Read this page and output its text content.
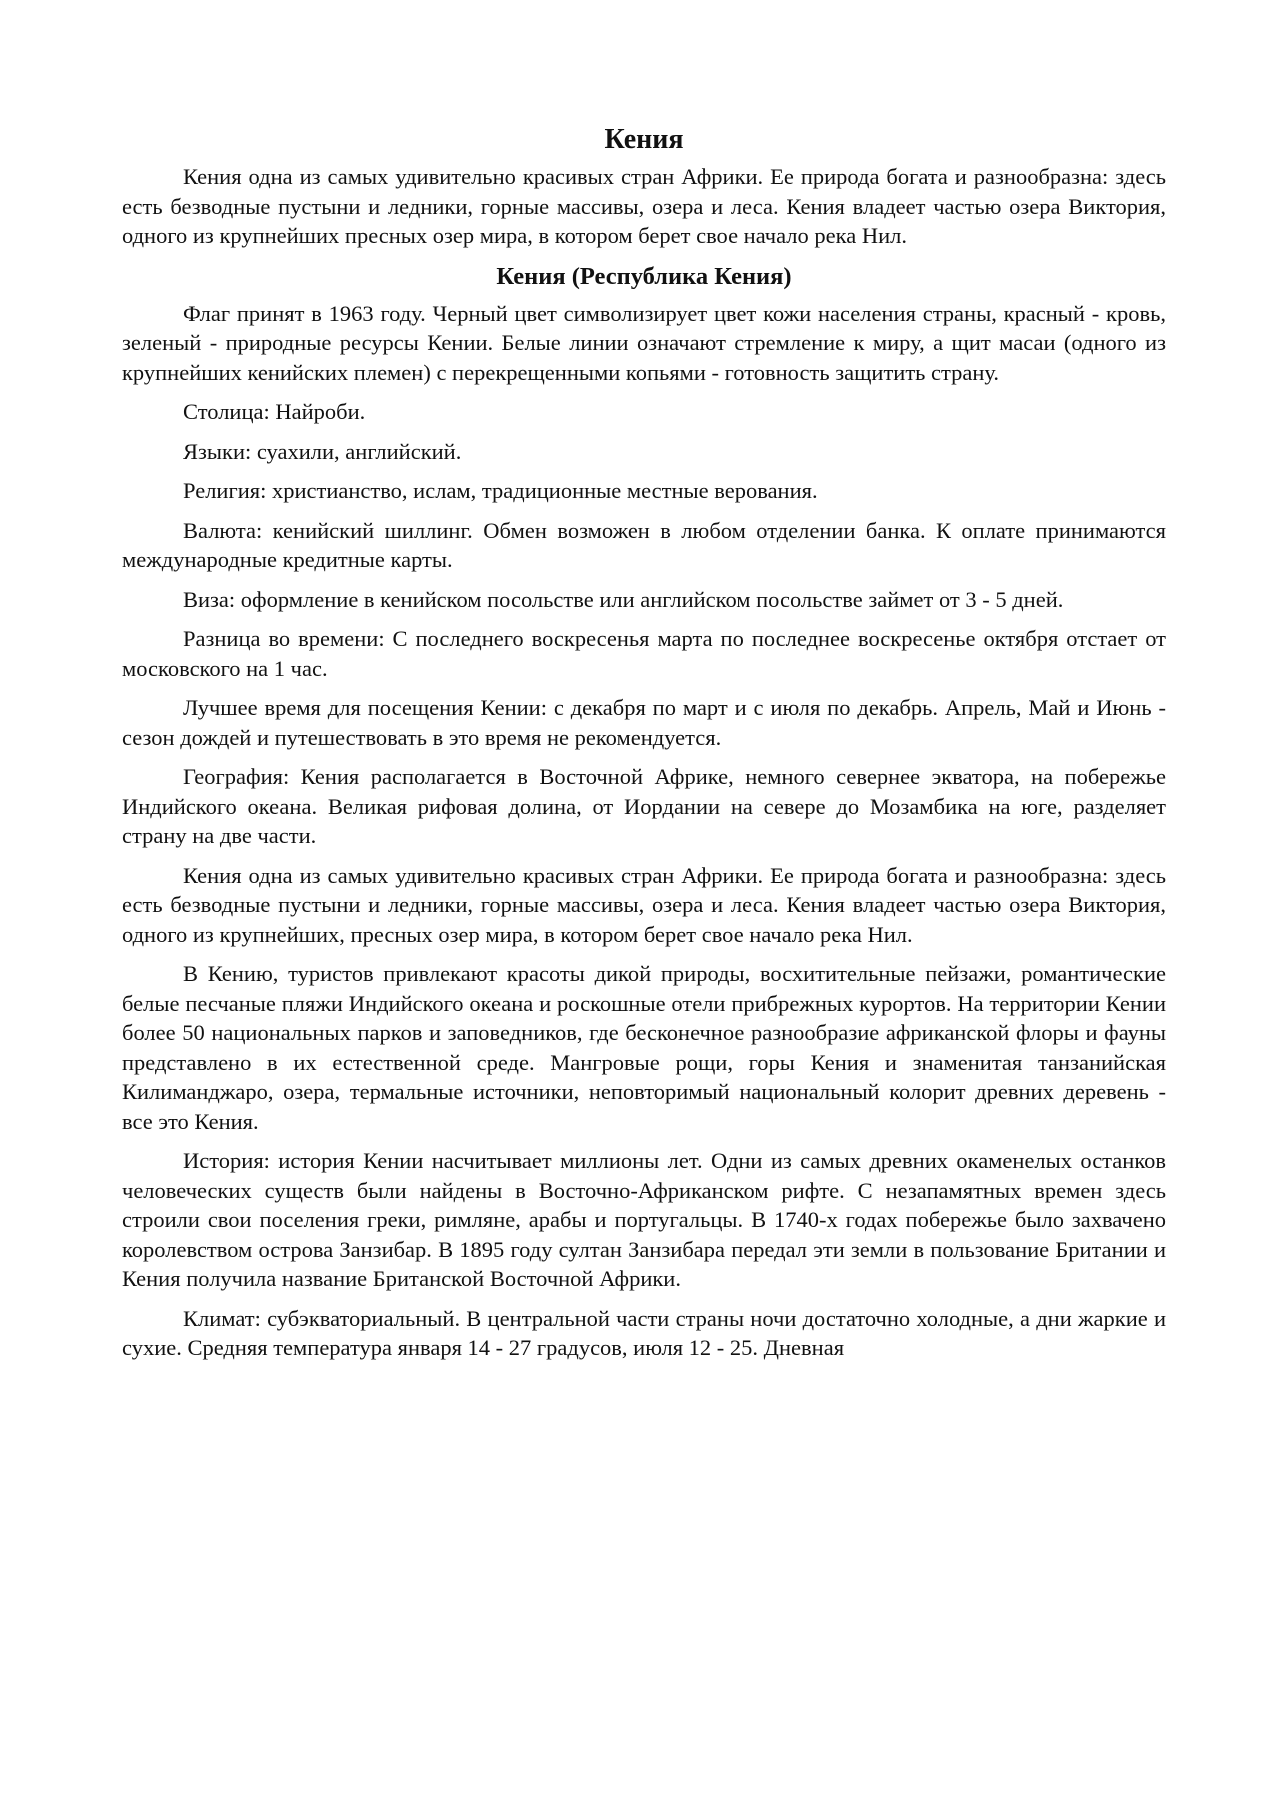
Кения

Кения одна из самых удивительно красивых стран Африки. Ее природа богата и разнообразна: здесь есть безводные пустыни и ледники, горные массивы, озера и леса. Кения владеет частью озера Виктория, одного из крупнейших пресных озер мира, в котором берет свое начало река Нил.

Кения (Республика Кения)

Флаг принят в 1963 году. Черный цвет символизирует цвет кожи населения страны, красный - кровь, зеленый - природные ресурсы Кении. Белые линии означают стремление к миру, а щит масаи (одного из крупнейших кенийских племен) с перекрещенными копьями - готовность защитить страну.

Столица: Найроби.

Языки: суахили, английский.

Религия: христианство, ислам, традиционные местные верования.

Валюта: кенийский шиллинг. Обмен возможен в любом отделении банка. К оплате принимаются международные кредитные карты.

Виза: оформление в кенийском посольстве или английском посольстве займет от 3 - 5 дней.

Разница во времени: С последнего воскресенья марта по последнее воскресенье октября отстает от московского на 1 час.

Лучшее время для посещения Кении: с декабря по март и с июля по декабрь. Апрель, Май и Июнь - сезон дождей и путешествовать в это время не рекомендуется.

География: Кения располагается в Восточной Африке, немного севернее экватора, на побережье Индийского океана. Великая рифовая долина, от Иордании на севере до Мозамбика на юге, разделяет страну на две части.

Кения одна из самых удивительно красивых стран Африки. Ее природа богата и разнообразна: здесь есть безводные пустыни и ледники, горные массивы, озера и леса. Кения владеет частью озера Виктория, одного из крупнейших, пресных озер мира, в котором берет свое начало река Нил.

В Кению, туристов привлекают красоты дикой природы, восхитительные пейзажи, романтические белые песчаные пляжи Индийского океана и роскошные отели прибрежных курортов. На территории Кении более 50 национальных парков и заповедников, где бесконечное разнообразие африканской флоры и фауны представлено в их естественной среде. Мангровые рощи, горы Кения и знаменитая танзанийская Килиманджаро, озера, термальные источники, неповторимый национальный колорит древних деревень - все это Кения.

История: история Кении насчитывает миллионы лет. Одни из самых древних окаменелых останков человеческих существ были найдены в Восточно-Африканском рифте. С незапамятных времен здесь строили свои поселения греки, римляне, арабы и португальцы. В 1740-х годах побережье было захвачено королевством острова Занзибар. В 1895 году султан Занзибара передал эти земли в пользование Британии и Кения получила название Британской Восточной Африки.

Климат: субэкваториальный. В центральной части страны ночи достаточно холодные, а дни жаркие и сухие. Средняя температура января 14 - 27 градусов, июля 12 - 25. Дневная
